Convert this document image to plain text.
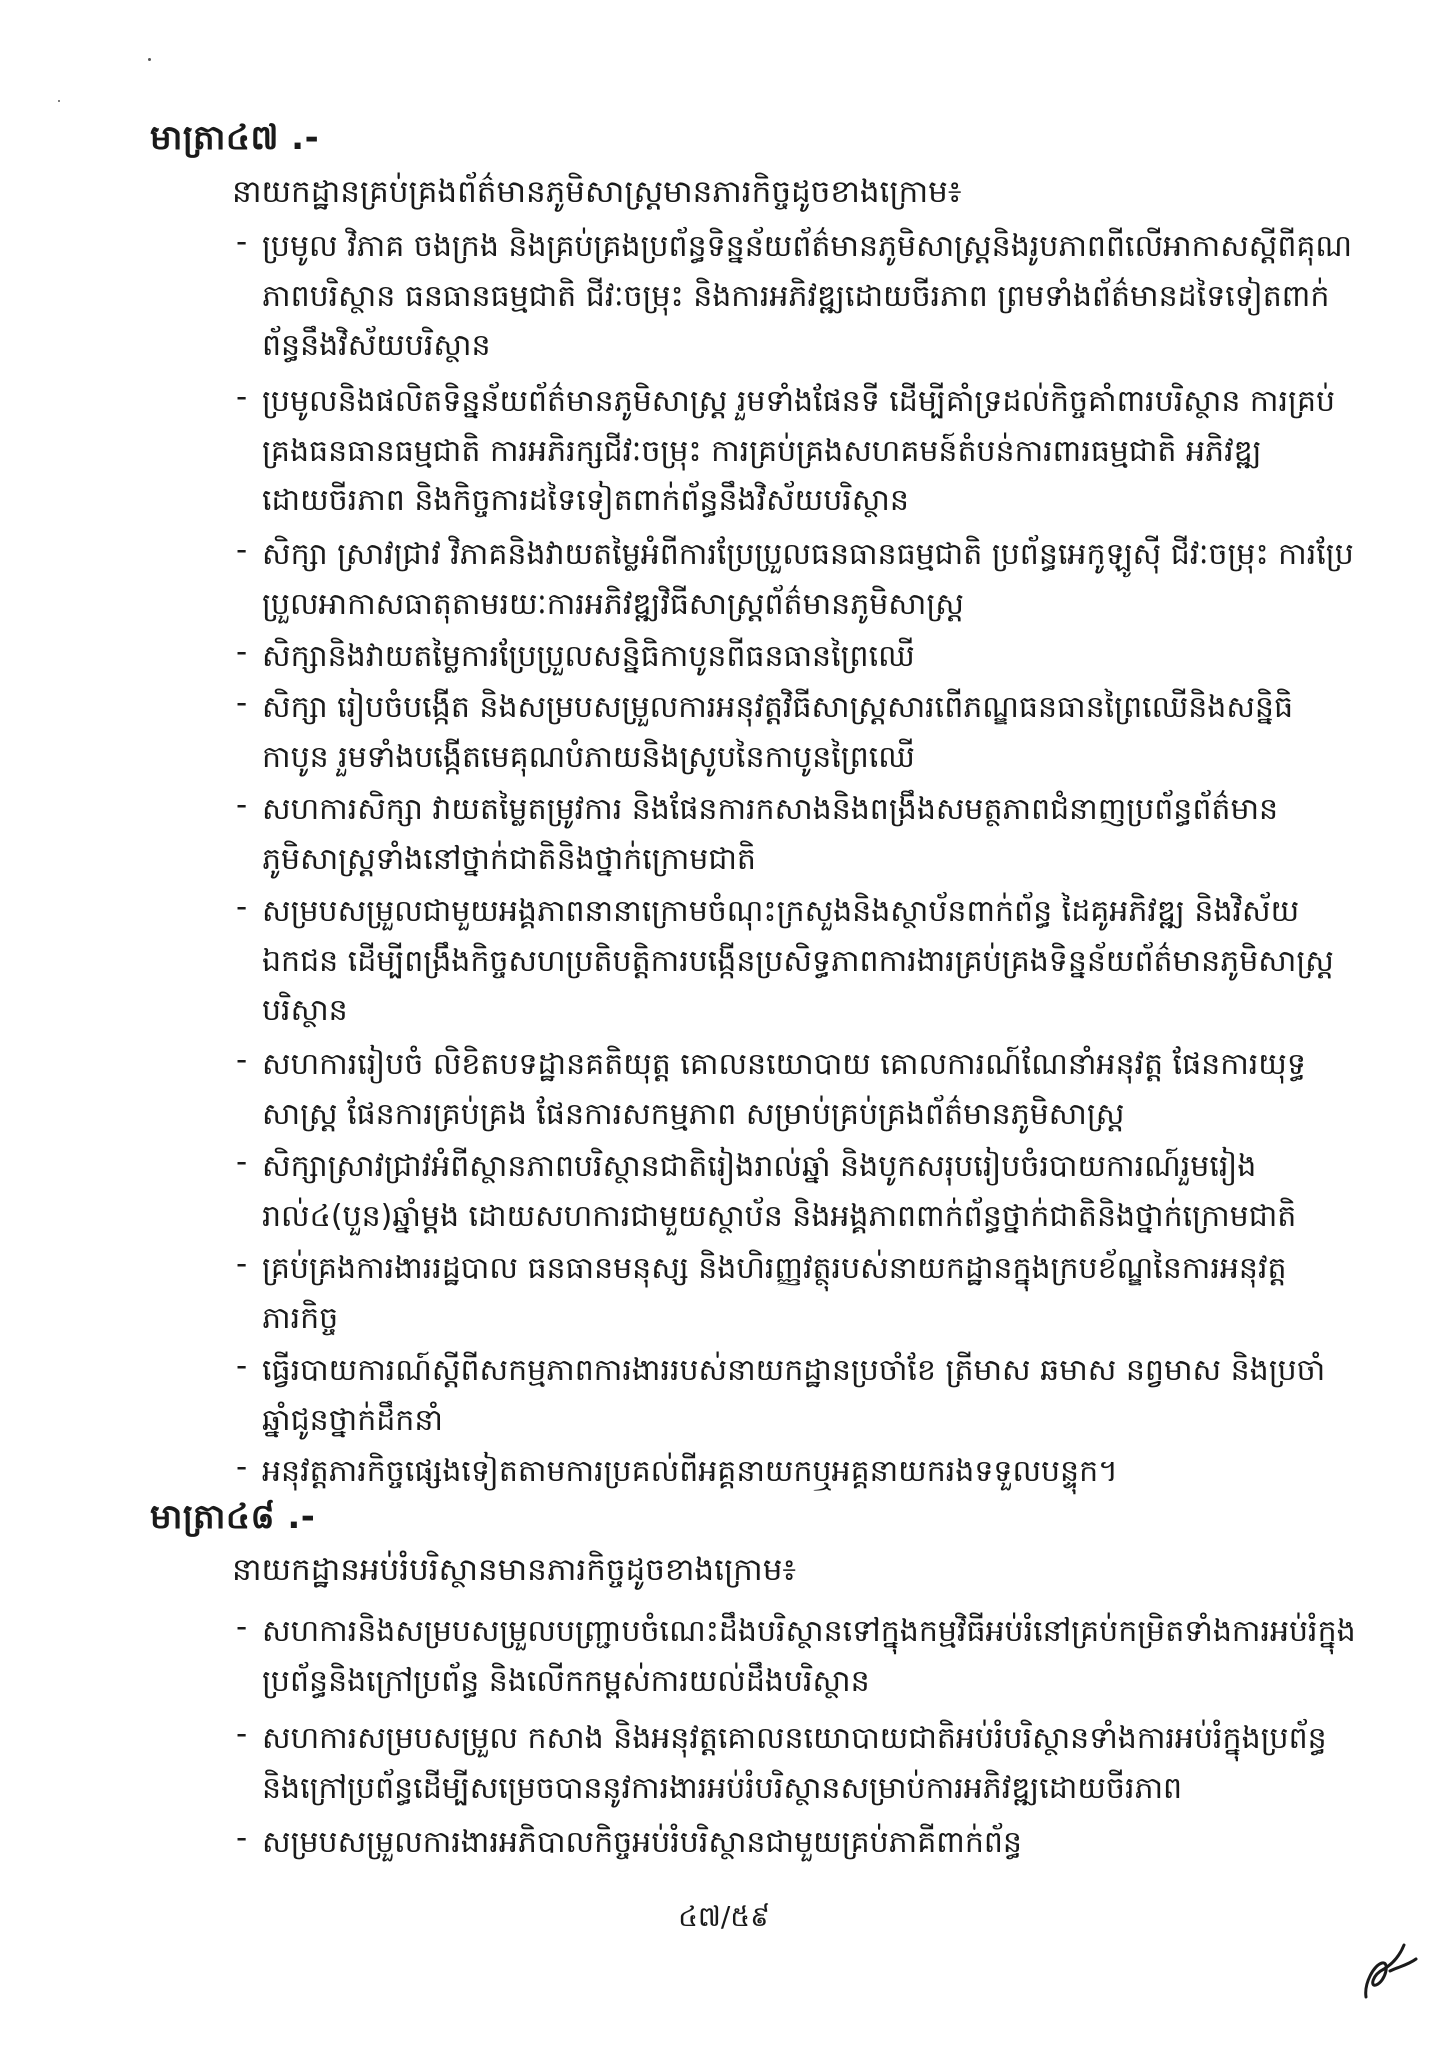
មាត្រា៤៧ .-
នាយកដ្ឋានគ្រប់គ្រងព័ត៌មានភូមិសាស្ត្រមានភារកិច្ចដូចខាងក្រោម៖
- ប្រមូល វិភាគ ចងក្រង និងគ្រប់គ្រងប្រព័ន្ធទិន្នន័យព័ត៌មានភូមិសាស្ត្រនិងរូបភាពពីលើអាកាសស្តីពីគុណភាពបរិស្ថាន ធនធានធម្មជាតិ ជីវៈចម្រុះ និងការអភិវឌ្ឍដោយចីរភាព ព្រមទាំងព័ត៌មានដទៃទៀតពាក់ព័ន្ធនឹងវិស័យបរិស្ថាន
- ប្រមូលនិងផលិតទិន្នន័យព័ត៌មានភូមិសាស្ត្រ រួមទាំងផែនទី ដើម្បីគាំទ្រដល់កិច្ចគាំពារបរិស្ថាន ការគ្រប់គ្រងធនធានធម្មជាតិ ការអភិរក្សជីវៈចម្រុះ ការគ្រប់គ្រងសហគមន៍តំបន់ការពារធម្មជាតិ អភិវឌ្ឍដោយចីរភាព និងកិច្ចការដទៃទៀតពាក់ព័ន្ធនឹងវិស័យបរិស្ថាន
- សិក្សា ស្រាវជ្រាវ វិភាគនិងវាយតម្លៃអំពីការប្រែប្រួលធនធានធម្មជាតិ ប្រព័ន្ធអេកូឡូស៊ី ជីវៈចម្រុះ ការប្រែប្រួលអាកាសធាតុតាមរយៈការអភិវឌ្ឍវិធីសាស្ត្រព័ត៌មានភូមិសាស្ត្រ
- សិក្សានិងវាយតម្លៃការប្រែប្រួលសន្និធិកាបូនពីធនធានព្រៃឈើ
- សិក្សា រៀបចំបង្កើត និងសម្របសម្រួលការអនុវត្តវិធីសាស្ត្រសារពើភណ្ឌធនធានព្រៃឈើនិងសន្និធិកាបូន រួមទាំងបង្កើតមេគុណបំភាយនិងស្រូបនៃកាបូនព្រៃឈើ
- សហការសិក្សា វាយតម្លៃតម្រូវការ និងផែនការកសាងនិងពង្រឹងសមត្ថភាពជំនាញប្រព័ន្ធព័ត៌មានភូមិសាស្ត្រទាំងនៅថ្នាក់ជាតិនិងថ្នាក់ក្រោមជាតិ
- សម្របសម្រួលជាមួយអង្គភាពនានាក្រោមចំណុះក្រសួងនិងស្ថាប័នពាក់ព័ន្ធ ដៃគូអភិវឌ្ឍ និងវិស័យឯកជន ដើម្បីពង្រឹងកិច្ចសហប្រតិបត្តិការបង្កើនប្រសិទ្ធភាពការងារគ្រប់គ្រងទិន្នន័យព័ត៌មានភូមិសាស្ត្របរិស្ថាន
- សហការរៀបចំ លិខិតបទដ្ឋានគតិយុត្ត គោលនយោបាយ គោលការណ៍ណែនាំអនុវត្ត ផែនការយុទ្ធសាស្ត្រ ផែនការគ្រប់គ្រង ផែនការសកម្មភាព សម្រាប់គ្រប់គ្រងព័ត៌មានភូមិសាស្ត្រ
- សិក្សាស្រាវជ្រាវអំពីស្ថានភាពបរិស្ថានជាតិរៀងរាល់ឆ្នាំ និងបូកសរុបរៀបចំរបាយការណ៍រួមរៀងរាល់៤(បួន)ឆ្នាំម្តង ដោយសហការជាមួយស្ថាប័ន និងអង្គភាពពាក់ព័ន្ធថ្នាក់ជាតិនិងថ្នាក់ក្រោមជាតិ
- គ្រប់គ្រងការងាររដ្ឋបាល ធនធានមនុស្ស និងហិរញ្ញវត្ថុរបស់នាយកដ្ឋានក្នុងក្របខ័ណ្ឌនៃការអនុវត្តភារកិច្ច
- ធ្វើរបាយការណ៍ស្តីពីសកម្មភាពការងាររបស់នាយកដ្ឋានប្រចាំខែ ត្រីមាស ឆមាស នព្វមាស និងប្រចាំឆ្នាំជូនថ្នាក់ដឹកនាំ
- អនុវត្តភារកិច្ចផ្សេងទៀតតាមការប្រគល់ពីអគ្គនាយកឬអគ្គនាយករងទទួលបន្ទុក។
មាត្រា៤៨ .-
នាយកដ្ឋានអប់រំបរិស្ថានមានភារកិច្ចដូចខាងក្រោម៖
- សហការនិងសម្របសម្រួលបញ្ជ្រាបចំណេះដឹងបរិស្ថានទៅក្នុងកម្មវិធីអប់រំនៅគ្រប់កម្រិតទាំងការអប់រំក្នុងប្រព័ន្ធនិងក្រៅប្រព័ន្ធ និងលើកកម្ពស់ការយល់ដឹងបរិស្ថាន
- សហការសម្របសម្រួល កសាង និងអនុវត្តគោលនយោបាយជាតិអប់រំបរិស្ថានទាំងការអប់រំក្នុងប្រព័ន្ធនិងក្រៅប្រព័ន្ធដើម្បីសម្រេចបាននូវការងារអប់រំបរិស្ថានសម្រាប់ការអភិវឌ្ឍដោយចីរភាព
- សម្របសម្រួលការងារអភិបាលកិច្ចអប់រំបរិស្ថានជាមួយគ្រប់ភាគីពាក់ព័ន្ធ
៤៧/៥៩
